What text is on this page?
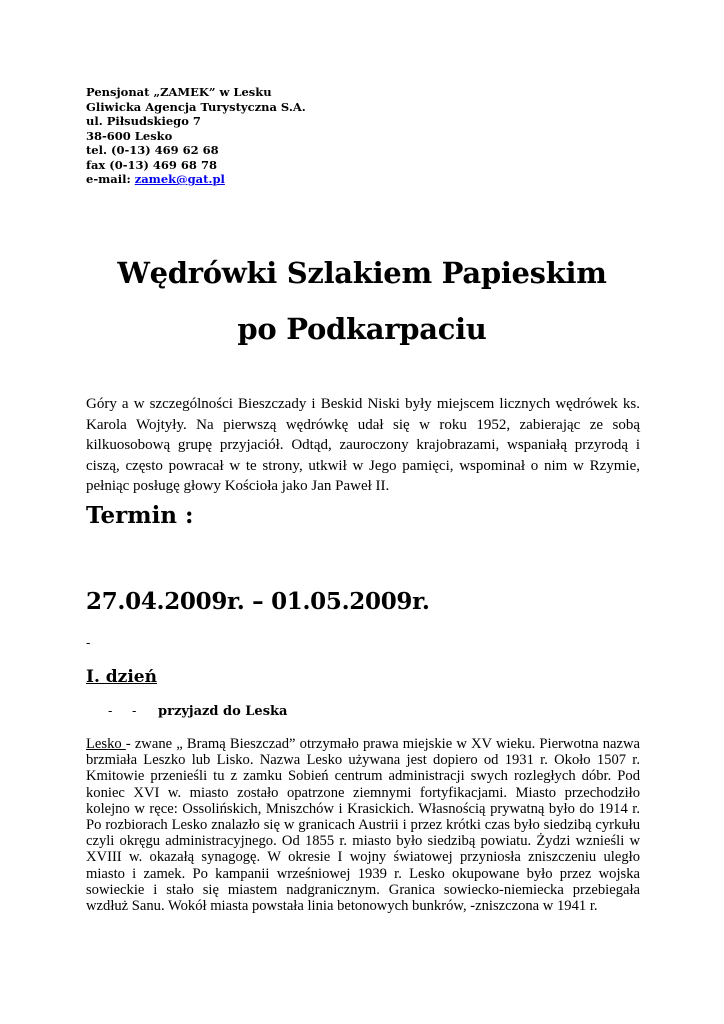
Pensjonat „ZAMEK” w Lesku
Gliwicka Agencja Turystyczna S.A.
ul. Piłsudskiego 7
38-600 Lesko
tel. (0-13) 469 62 68
fax (0-13) 469 68 78
e-mail: zamek@gat.pl
Wędrówki Szlakiem Papieskim
po Podkarpaciu
Góry a w szczególności Bieszczady i Beskid Niski były miejscem licznych wędrówek ks. Karola Wojtyły. Na pierwszą wędrówkę udał się w roku 1952, zabierając ze sobą kilkuosobową grupę przyjaciół. Odtąd, zauroczony krajobrazami, wspaniałą przyrodą i ciszą, często powracał w te strony, utkwił w Jego pamięci, wspominał o nim w Rzymie, pełniąc posługę głowy Kościoła jako Jan Paweł II.
Termin :
27.04.2009r. – 01.05.2009r.
-
I. dzień
- - przyjazd do Leska
Lesko - zwane „ Bramą Bieszczad” otrzymało prawa miejskie w XV wieku. Pierwotna nazwa brzmiała Leszko lub Lisko. Nazwa Lesko używana jest dopiero od 1931 r. Około 1507 r. Kmitowie przenieśli tu z zamku Sobień centrum administracji swych rozległych dóbr. Pod koniec XVI w. miasto zostało opatrzone ziemnymi fortyfikacjami. Miasto przechodziło kolejno w ręce: Ossolińskich, Mniszchów i Krasickich. Własnością prywatną było do 1914 r. Po rozbiorach Lesko znalazło się w granicach Austrii i przez krótki czas było siedzibą cyrkułu czyli okręgu administracyjnego. Od 1855 r. miasto było siedzibą powiatu. Żydzi wznieśli w XVIII w. okazałą synagogę. W okresie I wojny światowej przyniosła zniszczeniu uległo miasto i zamek. Po kampanii wrześniowej 1939 r. Lesko okupowane było przez wojska sowieckie i stało się miastem nadgranicznym. Granica sowiecko-niemiecka przebiegała wzdłuż Sanu. Wokół miasta powstała linia betonowych bunkrów, -zniszczona w 1941 r.
